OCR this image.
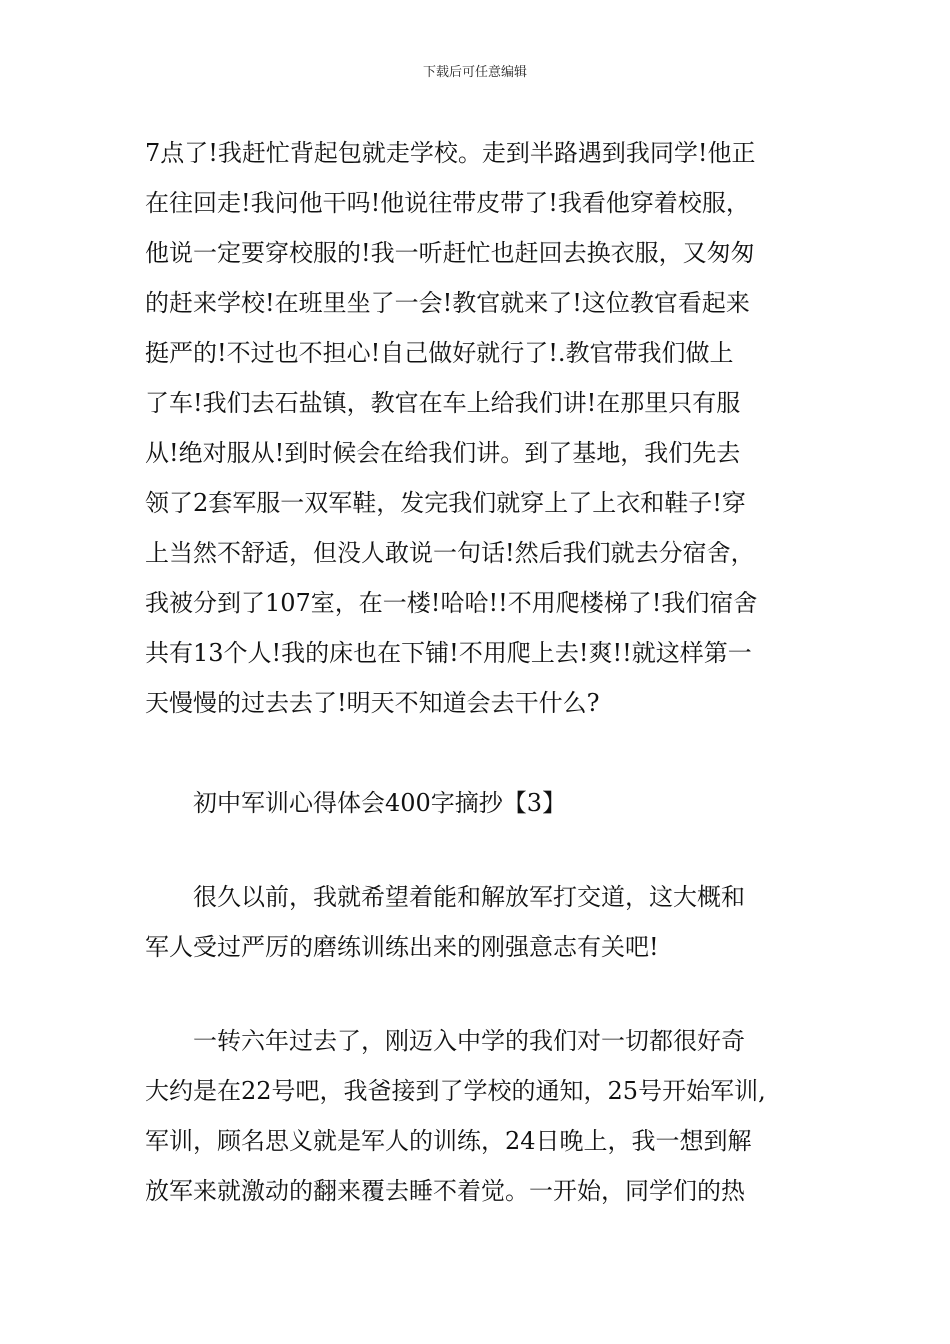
下载后可任意编辑
7点了!我赶忙背起包就走学校。走到半路遇到我同学!他正
在往回走!我问他干吗!他说往带皮带了!我看他穿着校服，
他说一定要穿校服的!我一听赶忙也赶回去换衣服，又匆匆
的赶来学校!在班里坐了一会!教官就来了!这位教官看起来
挺严的!不过也不担心!自己做好就行了!.教官带我们做上
了车!我们去石盐镇，教官在车上给我们讲!在那里只有服
从!绝对服从!到时候会在给我们讲。到了基地，我们先去
领了2套军服一双军鞋，发完我们就穿上了上衣和鞋子!穿
上当然不舒适，但没人敢说一句话!然后我们就去分宿舍，
我被分到了107室，在一楼!哈哈!!不用爬楼梯了!我们宿舍
共有13个人!我的床也在下铺!不用爬上去!爽!!就这样第一
天慢慢的过去去了!明天不知道会去干什么?
　　初中军训心得体会400字摘抄【3】
　　很久以前，我就希望着能和解放军打交道，这大概和
军人受过严厉的磨练训练出来的刚强意志有关吧!
　　一转六年过去了，刚迈入中学的我们对一切都很好奇
大约是在22号吧，我爸接到了学校的通知，25号开始军训,
军训，顾名思义就是军人的训练，24日晚上，我一想到解
放军来就激动的翻来覆去睡不着觉。一开始，同学们的热
